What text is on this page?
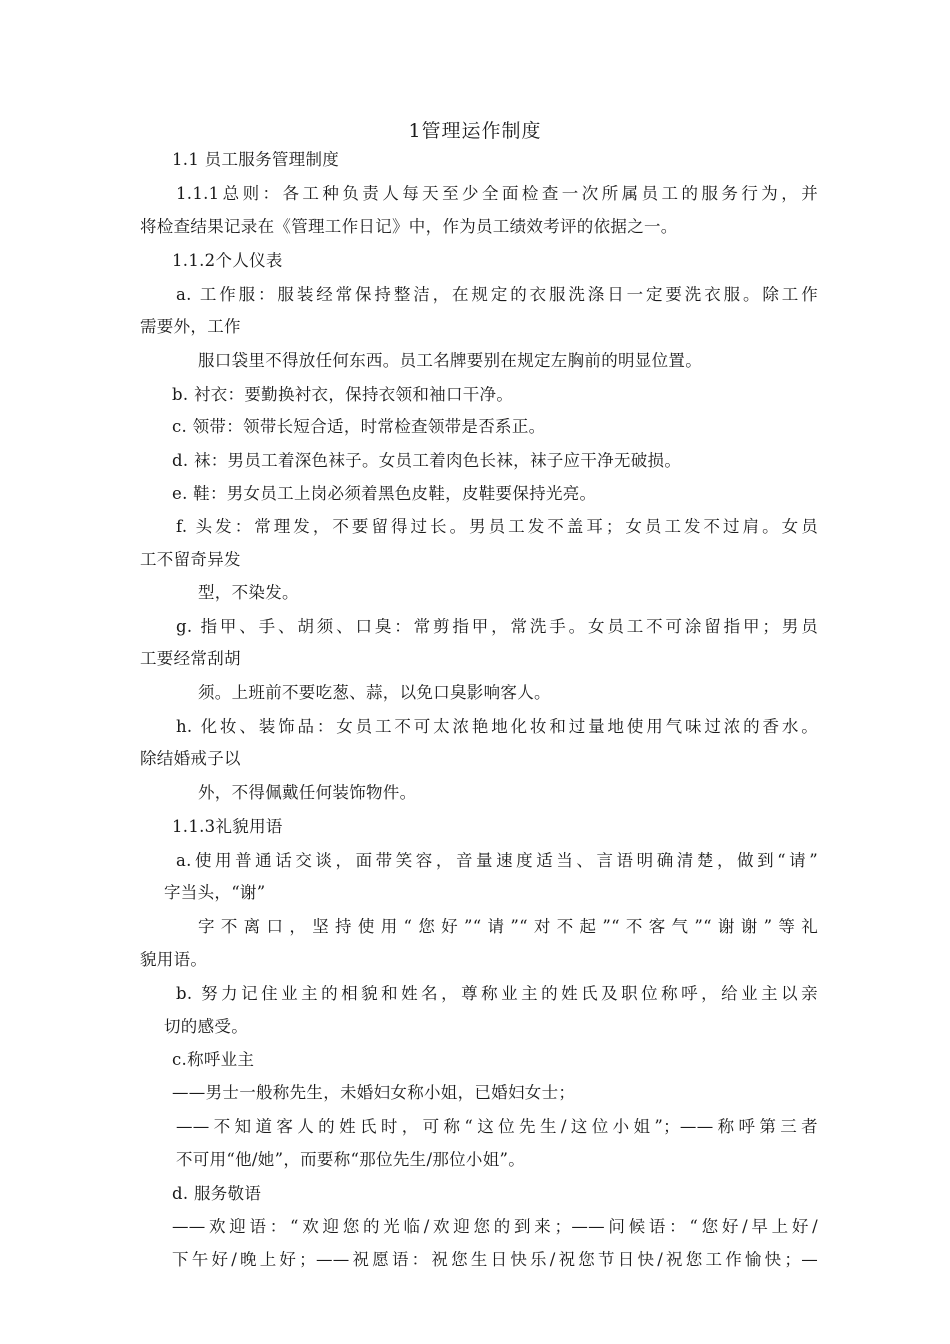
1管理运作制度
1.1 员工服务管理制度
1.1.1总则：各工种负责人每天至少全面检查一次所属员工的服务行为，并
将检查结果记录在《管理工作日记》中，作为员工绩效考评的依据之一。
1.1.2个人仪表
a. 工作服：服装经常保持整洁，在规定的衣服洗涤日一定要洗衣服。除工作
需要外，工作
服口袋里不得放任何东西。员工名牌要别在规定左胸前的明显位置。
b. 衬衣：要勤换衬衣，保持衣领和袖口干净。
c. 领带：领带长短合适，时常检查领带是否系正。
d. 袜：男员工着深色袜子。女员工着肉色长袜，袜子应干净无破损。
e. 鞋：男女员工上岗必须着黑色皮鞋，皮鞋要保持光亮。
f. 头发：常理发，不要留得过长。男员工发不盖耳；女员工发不过肩。女员
工不留奇异发
型，不染发。
g. 指甲、手、胡须、口臭：常剪指甲，常洗手。女员工不可涂留指甲；男员
工要经常刮胡
须。上班前不要吃葱、蒜，以免口臭影响客人。
h. 化妆、装饰品：女员工不可太浓艳地化妆和过量地使用气味过浓的香水。
除结婚戒子以
外，不得佩戴任何装饰物件。
1.1.3礼貌用语
a.使用普通话交谈，面带笑容，音量速度适当、言语明确清楚，做到“请”
字当头，“谢”
字不离口，坚持使用“您好”“请”“对不起”“不客气”“谢谢”等礼
貌用语。
b. 努力记住业主的相貌和姓名，尊称业主的姓氏及职位称呼，给业主以亲
切的感受。
c.称呼业主
——男士一般称先生，未婚妇女称小姐，已婚妇女士；
——不知道客人的姓氏时，可称“这位先生/这位小姐”；——称呼第三者
不可用“他/她”，而要称“那位先生/那位小姐”。
d. 服务敬语
——欢迎语：“欢迎您的光临/欢迎您的到来；——问候语：“您好/早上好/
下午好/晚上好；——祝愿语：祝您生日快乐/祝您节日快/祝您工作愉快；—
